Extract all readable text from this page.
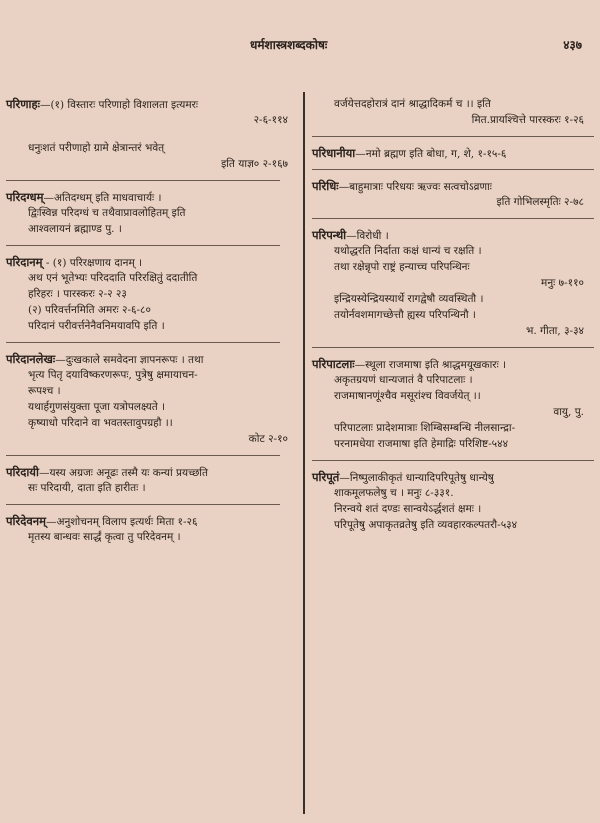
धर्मशास्त्रशब्दकोषः	४३७
परिणाहः—(१) विस्तारः परिणाहो विशालता इत्यमरः
२-६-११४
धनुःशतं परीणाहो ग्रामे क्षेत्रान्तरं भवेत्
इति याज्ञ० २-१६७
परिदग्धम्—अतिदग्धम् इति माधवाचार्यः ।
द्विःस्विन्न परिदग्धं च तथैवाप्रावलोहितम् इति
आश्वलायनं ब्रह्माण्ड पु. ।
परिदानम् - (१) परिरक्षणाय दानम् ।
अथ एनं भूतेभ्यः परिददाति परिरक्षितुं ददातीति
हरिहरः । पारस्करः २-२ २३
(२) परिवर्त्तनमिति अमरः २-६-८०
परिदानं परीवर्त्तनेनैवनिमयावपि इति ।
परिदानलेखः—दुःखकाले समवेदना ज्ञापनरूपः । तथा
भृत्य पितृ दयाविष्करणरूपः, पुत्रेषु क्षमायाचन-
रूपश्च ।
यथार्हगुणसंयुक्ता पूजा यत्रोपलक्ष्यते ।
कृष्याधो परिदाने वा भवतस्तावुपग्रहौ ।।
कोट २-१०
परिदायी—यस्य अग्रजः अनूढः तस्मै यः कन्यां प्रयच्छति
सः परिदायी, दाता इति हारीतः ।
परिदेवनम्—अनुशोचनम् विलाप इत्यर्थः मिता १-२६
मृतस्य बान्धवः सार्द्धं कृत्वा तु परिदेवनम् ।
वर्जयेत्तदहोरात्रं दानं श्राद्धादिकर्म च ।। इति
मित.प्रायश्चित्ते पारस्करः १-२६
परिधानीया—नमो ब्रह्मण इति बोधा, ग, शे, १-१५-६
परिधिः—बाहुमात्राः परिधयः ऋज्वः सत्वचोऽव्रणाः
इति गोभिलस्मृतिः २-७८
परिपन्थी—विरोधी ।
यथोद्धरति निर्दाता कक्षं धान्यं च रक्षति ।
तथा रक्षेन्नृपो राष्ट्रं हन्याच्च परिपन्थिनः
मनुः ७-११०
इन्द्रियस्येन्द्रियस्यार्थे रागद्वेषौ व्यवस्थितौ ।
तयोर्नवशमागच्छेत्तौ ह्यस्य परिपन्थिनौ ।
भ. गीता, ३-३४
परिपाटलाः—स्थूला राजमाषा इति श्राद्धमयूखकारः ।
अकृतग्रयणं धान्यजातं वै परिपाटलाः ।
राजमाषानणूंश्चैव मसूरांश्च विवर्जयेत् ।।
वायु, पु.
परिपाटलाः प्रादेशमात्राः शिम्बिसम्बन्धि नीलसान्द्रा-
परनामधेया राजमाषा इति हेमाद्रिः परिशिष्ट-५४४
परिपूतं—निष्पुलाकीकृतं धान्यादिपरिपूतेषु धान्येषु
शाकमूलफलेषु च । मनुः ८-३३१.
निरन्वये शतं दण्डः सान्वयेऽर्द्धशतं क्षमः ।
परिपूतेषु अपाकृतव्रतेषु इति व्यवहारकल्पतरौ-५३४
